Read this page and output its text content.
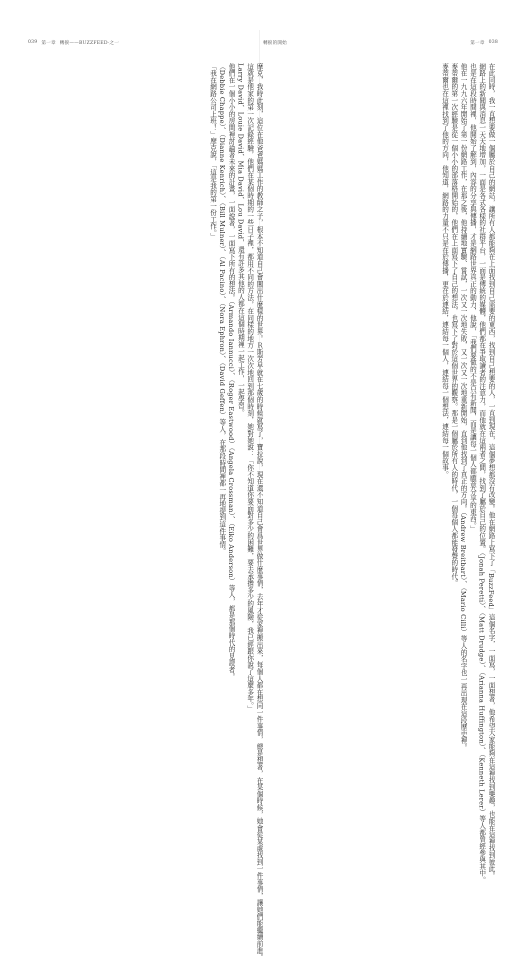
039 第一章 轉捩——BUZZFEED·之一	轉捩的開始	第一章 038
摩克，我時此刻，這位在他爸爸媽媽工作的教師之子，根本不知道自己會闖出什麼樣的世界。Ｒ斯芳早就在七歲的時候就寫了，寶拉說，現在還不知道自己會爲世界做什麼事情，去年才從家裡搬出來，每個人都在想同一件事情，總是想著，在某個時候，她會從某處找到一件事情，讓她們能繼續前進。
這就是他家的第一次記錄經驗，他們在某個時期的一些日子裡，都用不同的方法，在同樣的地方一次次地回到那個時刻，她對她說：「你不知道你要面對多少的困難，要去承擔多少的風險，我已經跟你說了這麼多年。」
Larry David、Louie David、Mia David、Lou David，還有許多其他的人都在這個時期裡一起工作，一起學習。
他們在一個小小的房間裡討論著未來的計畫，一面說著，一面寫下所有的想法。（Armando Iannucci）、（Roger Eastwood）（Angela Crossman）、（Eiko Anderson）等人，都是那個時代的見證者。
（Debbie Chappe）、（Dianne Kenrich）、（Bill Mulner）、（Al Pacino）、（Nora Ephron）、（David Geffen）等人，在那段時間裡都一再地提到這件事情。
「我在網路公司上班！」摩克說，「這是我的第一份工作。」	在此同時，我一直想要做一個屬於自己的網站，讓所有人都能夠在上面找到自己需要的東西，找到自己想要的人，一直到現在，這個夢想都沒有改變。他在網路上寫下了「BuzzFeed」這個名字，一面寫，一面想著，他希望大家能夠在這裡找到樂趣，也能在這裡找到彼此。
網路上的新聞與消息一天天地增加，一面是各式各樣的社群平台，一面是傳統的媒體，他們都在爭取讀者的注意力，而他就在這兩者之間，找到了屬於自己的位置。（Jonah Peretti）、（Matt Drudge）、（Arianna Huffington）、（Kenneth Lerer）等人都曾經參與其中。
也是在這段時間裡，他開始了解到，內容的分享與傳播，才是網路世界真正的動力，他說，「我們要做的不是只有新聞，而是讓每一個人都願意分享的東西。」
他在一九九六年開始了第一份網路工作，在那之後，他持續地實驗、嘗試，一次又一次地失敗，又一次又一次地重新開始，直到他找到了真正的方向。（Andrew Breitbart）、（Mario Cilli）等人的名字也一再出現在這段歷史裡。
麥蒂爾的第一次經驗是從一個小小的部落格開始的，他們在上面寫下了自己的想法，也寫下了對於這個世界的觀察。那是一個屬於所有人的時代，一個每個人都能發聲的時代。
麥蒂爾也在這裡找到了他的方向，他知道，網路的力量不只是在於傳播，更在於連結，連結每一個人，連結每一個想法，連結每一個故事。
